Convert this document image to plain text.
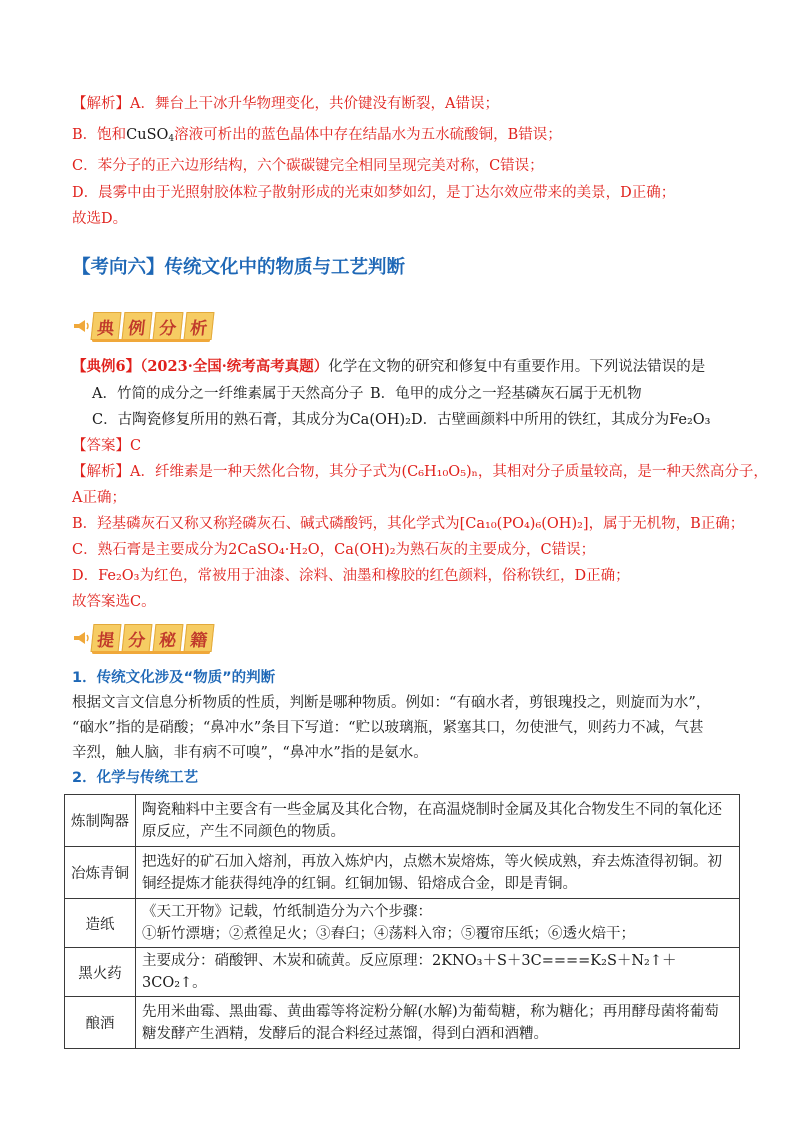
【解析】A．舞台上干冰升华物理变化，共价键没有断裂，A错误；
B．饱和CuSO$_4$溶液可析出的蓝色晶体中存在结晶水为五水硫酸铜，B错误；
C．苯分子的正六边形结构，六个碳碳键完全相同呈现完美对称，C错误；
D．晨雾中由于光照射胶体粒子散射形成的光束如梦如幻，是丁达尔效应带来的美景，D正确；
故选D。
【考向六】传统文化中的物质与工艺判断
典 例 分 析
【典例6】（2023·全国·统考高考真题）化学在文物的研究和修复中有重要作用。下列说法错误的是
A．竹简的成分之一纤维素属于天然高分子 B．龟甲的成分之一羟基磷灰石属于无机物
C．古陶瓷修复所用的熟石膏，其成分为Ca(OH)₂ D．古壁画颜料中所用的铁红，其成分为Fe₂O₃
【答案】C
【解析】A．纤维素是一种天然化合物，其分子式为(C₆H₁₀O₅)ₙ，其相对分子质量较高，是一种天然高分子，
A正确；
B．羟基磷灰石又称又称羟磷灰石、碱式磷酸钙，其化学式为[Ca₁₀(PO₄)₆(OH)₂]，属于无机物，B正确；
C．熟石膏是主要成分为2CaSO₄·H₂O，Ca(OH)₂为熟石灰的主要成分，C错误；
D．Fe₂O₃为红色，常被用于油漆、涂料、油墨和橡胶的红色颜料，俗称铁红，D正确；
故答案选C。
提 分 秘 籍
1．传统文化涉及“物质”的判断
根据文言文信息分析物质的性质，判断是哪种物质。例如：“有硇水者，剪银瑰投之，则旋而为水”，
“硇水”指的是硝酸；“鼻冲水”条目下写道：“贮以玻璃瓶，紧塞其口，勿使泄气，则药力不减，气甚
辛烈，触人脑，非有病不可嗅”，“鼻冲水”指的是氨水。
2．化学与传统工艺
炼制陶器	陶瓷釉料中主要含有一些金属及其化合物，在高温烧制时金属及其化合物发生不同的氧化还原反应，产生不同颜色的物质。
冶炼青铜	把选好的矿石加入熔剂，再放入炼炉内，点燃木炭熔炼，等火候成熟，弃去炼渣得初铜。初铜经提炼才能获得纯净的红铜。红铜加锡、铅熔成合金，即是青铜。
造纸	《天工开物》记载，竹纸制造分为六个步骤：
①斩竹漂塘；②煮徨足火；③舂臼；④荡料入帘；⑤覆帘压纸；⑥透火焙干；

黑火药	主要成分：硝酸钾、木炭和硫黄。反应原理：2KNO₃＋S＋3C====K₂S＋N₂↑＋3CO₂↑。
酿酒	先用米曲霉、黑曲霉、黄曲霉等将淀粉分解(水解)为葡萄糖，称为糖化；再用酵母菌将葡萄糖发酵产生酒精，发酵后的混合料经过蒸馏，得到白酒和酒糟。
